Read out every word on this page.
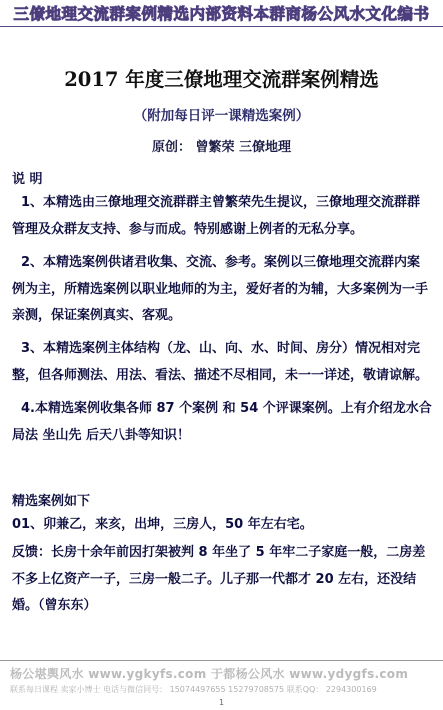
三僚地理交流群案例精选内部资料本群商杨公风水文化编书
2017 年度三僚地理交流群案例精选
（附加每日评一课精选案例）
原创： 曾繁荣 三僚地理
说 明
1、本精选由三僚地理交流群群主曾繁荣先生提议，三僚地理交流群群管理及众群友支持、参与而成。特别感谢上例者的无私分享。
2、本精选案例供诸君收集、交流、参考。案例以三僚地理交流群内案例为主，所精选案例以职业地师的为主，爱好者的为辅，大多案例为一手亲测，保证案例真实、客观。
3、本精选案例主体结构（龙、山、向、水、时间、房分）情况相对完整，但各师测法、用法、看法、描述不尽相同，未一一详述，敬请谅解。
4.本精选案例收集各师 87 个案例 和 54 个评课案例。上有介绍龙水合局法 坐山先 后天八卦等知识！
精选案例如下
01、卯兼乙，来亥，出坤，三房人，50 年左右宅。
反馈：长房十余年前因打架被判 8 年坐了 5 年牢二子家庭一般，二房差不多上亿资产一子，三房一般二子。儿子那一代都才 20 左右，还没结婚。（曾东东）
杨公堪舆风水 www.ygkyfs.com 于都杨公风水 www.ydygfs.com
联系每日课程 卖家小博士 电话与微信同号： 15074497655 15279708575 联系QQ： 2294300169
1
